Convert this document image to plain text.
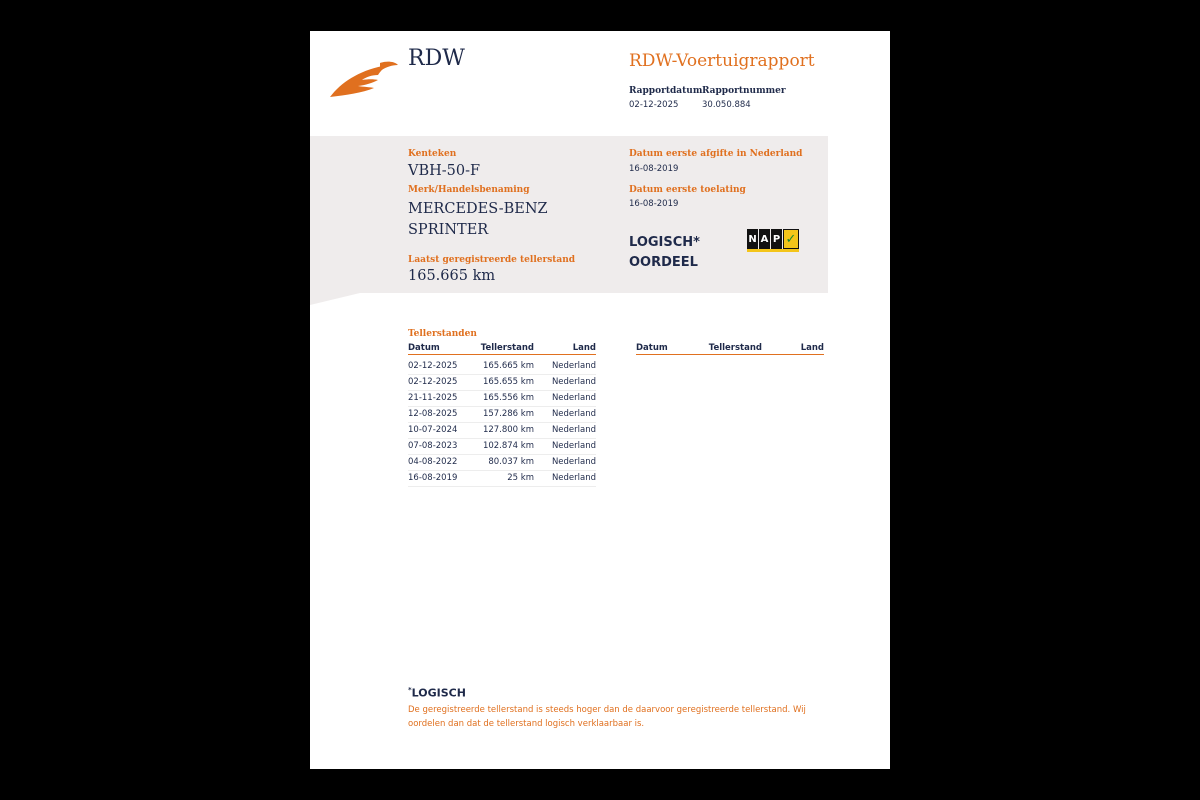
RDW	RDW-Voertuigrapport
Rapportdatum
02-12-2025
Rapportnummer
30.050.884
Kenteken
VBH-50-F
Merk/Handelsbenaming
MERCEDES-BENZ
SPRINTER
Laatst geregistreerde tellerstand
165.665 km
Datum eerste afgifte in Nederland
16-08-2019
Datum eerste toelating
16-08-2019
LOGISCH*
OORDEEL
N A P ✓
Tellerstanden
Datum	Tellerstand	Land
02-12-2025	165.665 km	Nederland
02-12-2025	165.655 km	Nederland
21-11-2025	165.556 km	Nederland
12-08-2025	157.286 km	Nederland
10-07-2024	127.800 km	Nederland
07-08-2023	102.874 km	Nederland
04-08-2022	80.037 km	Nederland
16-08-2019	25 km	Nederland
Datum	Tellerstand	Land
*LOGISCH
De geregistreerde tellerstand is steeds hoger dan de daarvoor geregistreerde tellerstand. Wij oordelen dan dat de tellerstand logisch verklaarbaar is.
